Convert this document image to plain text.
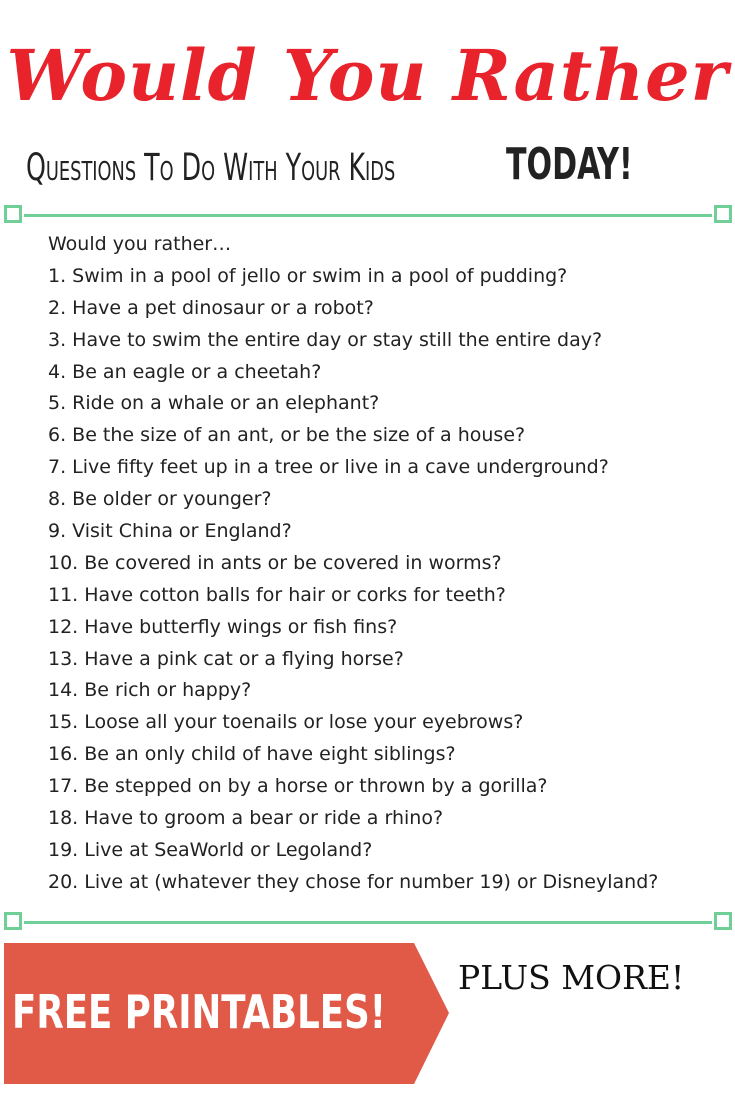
Would You Rather
Questions To Do With Your Kids	TODAY!
Would you rather…
1. Swim in a pool of jello or swim in a pool of pudding?
2. Have a pet dinosaur or a robot?
3. Have to swim the entire day or stay still the entire day?
4. Be an eagle or a cheetah?
5. Ride on a whale or an elephant?
6. Be the size of an ant, or be the size of a house?
7. Live fifty feet up in a tree or live in a cave underground?
8. Be older or younger?
9. Visit China or England?
10. Be covered in ants or be covered in worms?
11. Have cotton balls for hair or corks for teeth?
12. Have butterfly wings or fish fins?
13. Have a pink cat or a flying horse?
14. Be rich or happy?
15. Loose all your toenails or lose your eyebrows?
16. Be an only child of have eight siblings?
17. Be stepped on by a horse or thrown by a gorilla?
18. Have to groom a bear or ride a rhino?
19. Live at SeaWorld or Legoland?
20. Live at (whatever they chose for number 19) or Disneyland?
FREE PRINTABLES!
PLUS MORE!
